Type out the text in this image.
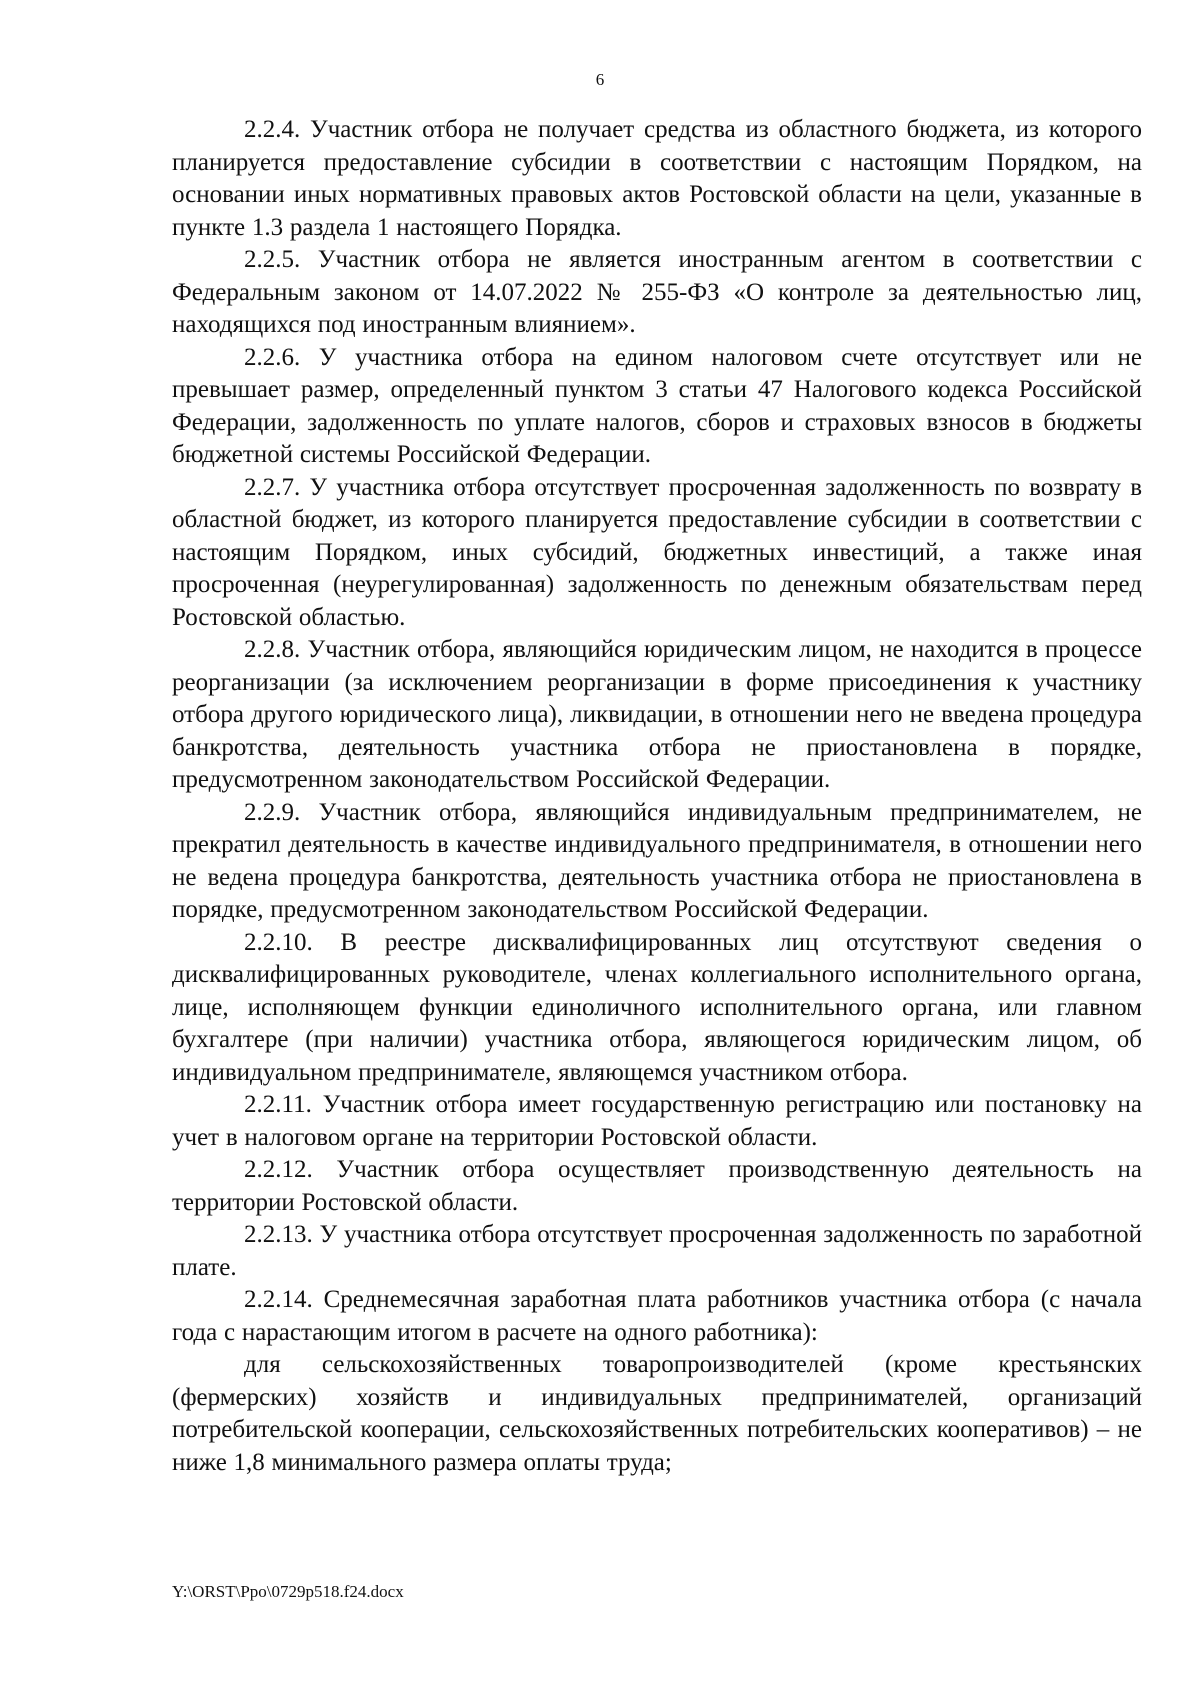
6

2.2.4. Участник отбора не получает средства из областного бюджета, из которого планируется предоставление субсидии в соответствии с настоящим Порядком, на основании иных нормативных правовых актов Ростовской области на цели, указанные в пункте 1.3 раздела 1 настоящего Порядка.

2.2.5. Участник отбора не является иностранным агентом в соответствии с Федеральным законом от 14.07.2022 № 255-ФЗ «О контроле за деятельностью лиц, находящихся под иностранным влиянием».

2.2.6. У участника отбора на едином налоговом счете отсутствует или не превышает размер, определенный пунктом 3 статьи 47 Налогового кодекса Российской Федерации, задолженность по уплате налогов, сборов и страховых взносов в бюджеты бюджетной системы Российской Федерации.

2.2.7. У участника отбора отсутствует просроченная задолженность по возврату в областной бюджет, из которого планируется предоставление субсидии в соответствии с настоящим Порядком, иных субсидий, бюджетных инвестиций, а также иная просроченная (неурегулированная) задолженность по денежным обязательствам перед Ростовской областью.

2.2.8. Участник отбора, являющийся юридическим лицом, не находится в процессе реорганизации (за исключением реорганизации в форме присоединения к участнику отбора другого юридического лица), ликвидации, в отношении него не введена процедура банкротства, деятельность участника отбора не приостановлена в порядке, предусмотренном законодательством Российской Федерации.

2.2.9. Участник отбора, являющийся индивидуальным предпринимателем, не прекратил деятельность в качестве индивидуального предпринимателя, в отношении него не ведена процедура банкротства, деятельность участника отбора не приостановлена в порядке, предусмотренном законодательством Российской Федерации.

2.2.10. В реестре дисквалифицированных лиц отсутствуют сведения о дисквалифицированных руководителе, членах коллегиального исполнительного органа, лице, исполняющем функции единоличного исполнительного органа, или главном бухгалтере (при наличии) участника отбора, являющегося юридическим лицом, об индивидуальном предпринимателе, являющемся участником отбора.

2.2.11. Участник отбора имеет государственную регистрацию или постановку на учет в налоговом органе на территории Ростовской области.

2.2.12. Участник отбора осуществляет производственную деятельность на территории Ростовской области.

2.2.13. У участника отбора отсутствует просроченная задолженность по заработной плате.

2.2.14. Среднемесячная заработная плата работников участника отбора (с начала года с нарастающим итогом в расчете на одного работника):

для сельскохозяйственных товаропроизводителей (кроме крестьянских (фермерских) хозяйств и индивидуальных предпринимателей, организаций потребительской кооперации, сельскохозяйственных потребительских кооперативов) – не ниже 1,8 минимального размера оплаты труда;

Y:\ORST\Ppo\0729p518.f24.docx
